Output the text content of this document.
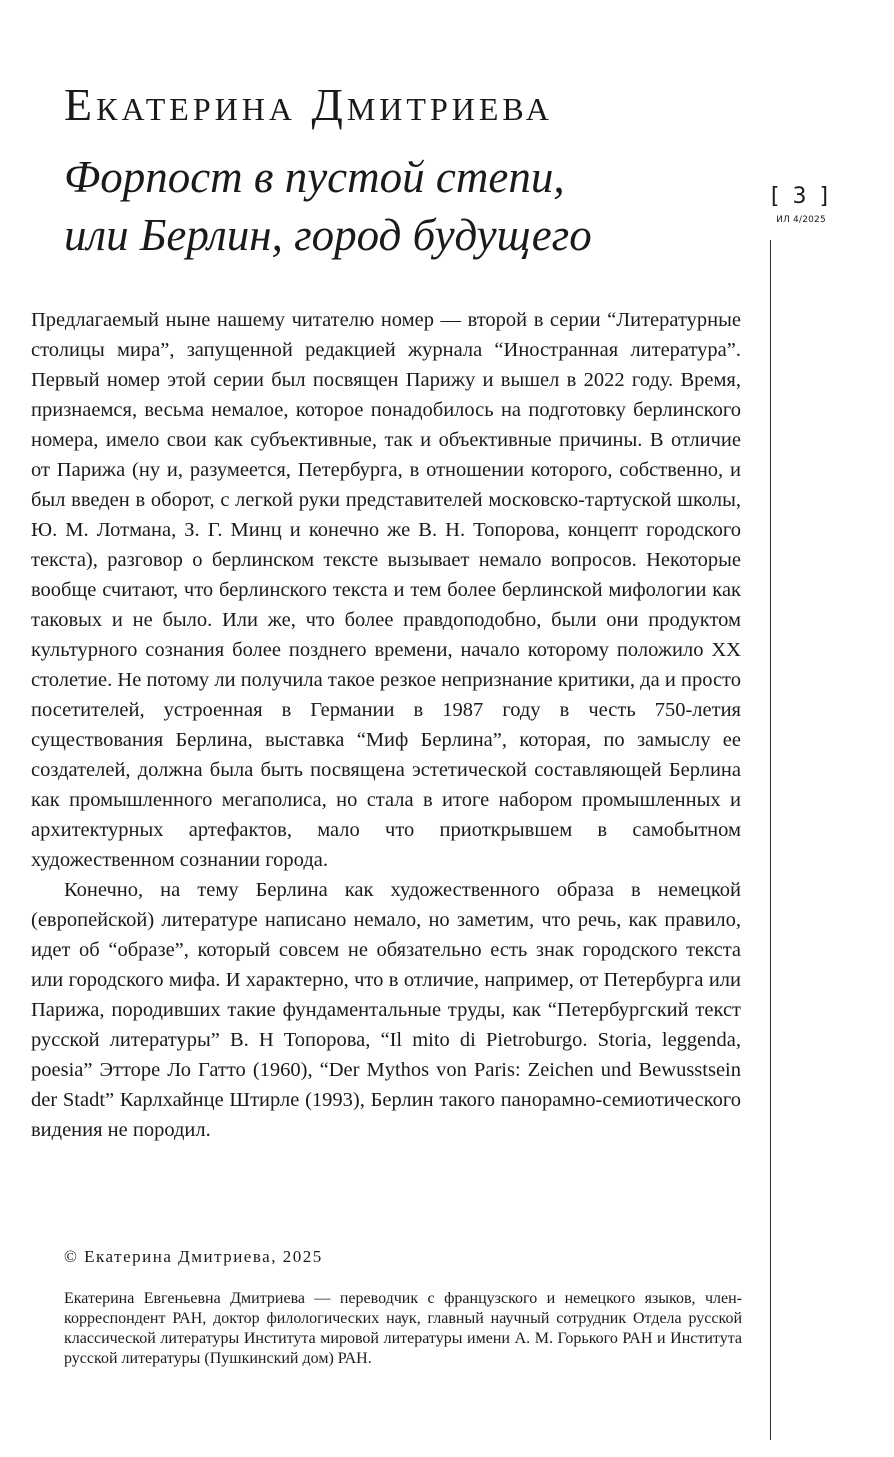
Екатерина Дмитриева
Форпост в пустой степи,
или Берлин, город будущего
[ 3 ]
ИЛ 4/2025

Предлагаемый ныне нашему читателю номер — второй в серии “Литературные столицы мира”, запущенной редакцией журнала “Иностранная литература”. Первый номер этой серии был посвящен Парижу и вышел в 2022 году. Время, признаемся, весьма немалое, которое понадобилось на подготовку берлинского номера, имело свои как субъективные, так и объективные причины. В отличие от Парижа (ну и, разумеется, Петербурга, в отношении которого, собственно, и был введен в оборот, с легкой руки представителей московско-тартуской школы, Ю. М. Лотмана, З. Г. Минц и конечно же В. Н. Топорова, концепт городского текста), разговор о берлинском тексте вызывает немало вопросов. Некоторые вообще считают, что берлинского текста и тем более берлинской мифологии как таковых и не было. Или же, что более правдоподобно, были они продуктом культурного сознания более позднего времени, начало которому положило XX столетие. Не потому ли получила такое резкое непризнание критики, да и просто посетителей, устроенная в Германии в 1987 году в честь 750-летия существования Берлина, выставка “Миф Берлина”, которая, по замыслу ее создателей, должна была быть посвящена эстетической составляющей Берлина как промышленного мегаполиса, но стала в итоге набором промышленных и архитектурных артефактов, мало что приоткрывшем в самобытном художественном сознании города.

Конечно, на тему Берлина как художественного образа в немецкой (европейской) литературе написано немало, но заметим, что речь, как правило, идет об “образе”, который совсем не обязательно есть знак городского текста или городского мифа. И характерно, что в отличие, например, от Петербурга или Парижа, породивших такие фундаментальные труды, как “Петербургский текст русской литературы” В. Н Топорова, “Il mito di Pietroburgo. Storia, leggenda, poesia” Этторе Ло Гатто (1960), “Der Mythos von Paris: Zeichen und Bewusstsein der Stadt” Карлхайнце Штирле (1993), Берлин такого панорамно-семиотического видения не породил.

© Екатерина Дмитриева, 2025
Екатерина Евгеньевна Дмитриева — переводчик с французского и немецкого языков, член-корреспондент РАН, доктор филологических наук, главный научный сотрудник Отдела русской классической литературы Института мировой литературы имени А. М. Горького РАН и Института русской литературы (Пушкинский дом) РАН.
